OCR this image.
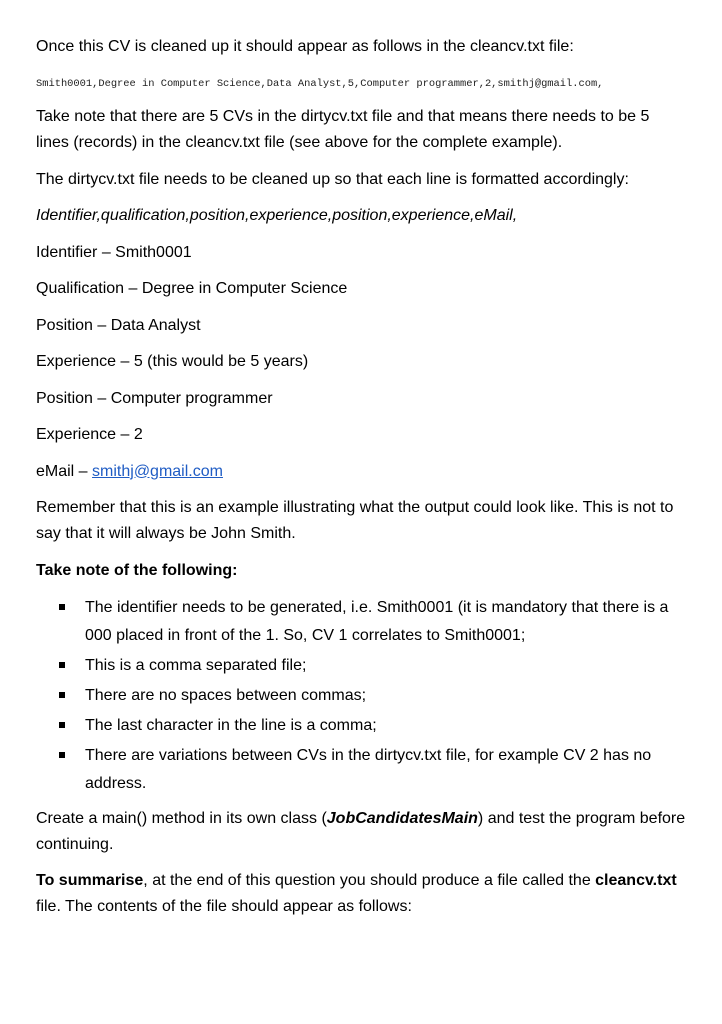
Once this CV is cleaned up it should appear as follows in the cleancv.txt file:

Smith0001,Degree in Computer Science,Data Analyst,5,Computer programmer,2,smithj@gmail.com,

Take note that there are 5 CVs in the dirtycv.txt file and that means there needs to be 5 lines (records) in the cleancv.txt file (see above for the complete example).

The dirtycv.txt file needs to be cleaned up so that each line is formatted accordingly:

Identifier,qualification,position,experience,position,experience,eMail,

Identifier – Smith0001

Qualification – Degree in Computer Science

Position – Data Analyst

Experience – 5 (this would be 5 years)

Position – Computer programmer

Experience – 2

eMail – smithj@gmail.com

Remember that this is an example illustrating what the output could look like. This is not to say that it will always be John Smith.

Take note of the following:

The identifier needs to be generated, i.e. Smith0001 (it is mandatory that there is a 000 placed in front of the 1. So, CV 1 correlates to Smith0001;
This is a comma separated file;
There are no spaces between commas;
The last character in the line is a comma;
There are variations between CVs in the dirtycv.txt file, for example CV 2 has no address.

Create a main() method in its own class (JobCandidatesMain) and test the program before continuing.

To summarise, at the end of this question you should produce a file called the cleancv.txt file. The contents of the file should appear as follows:
